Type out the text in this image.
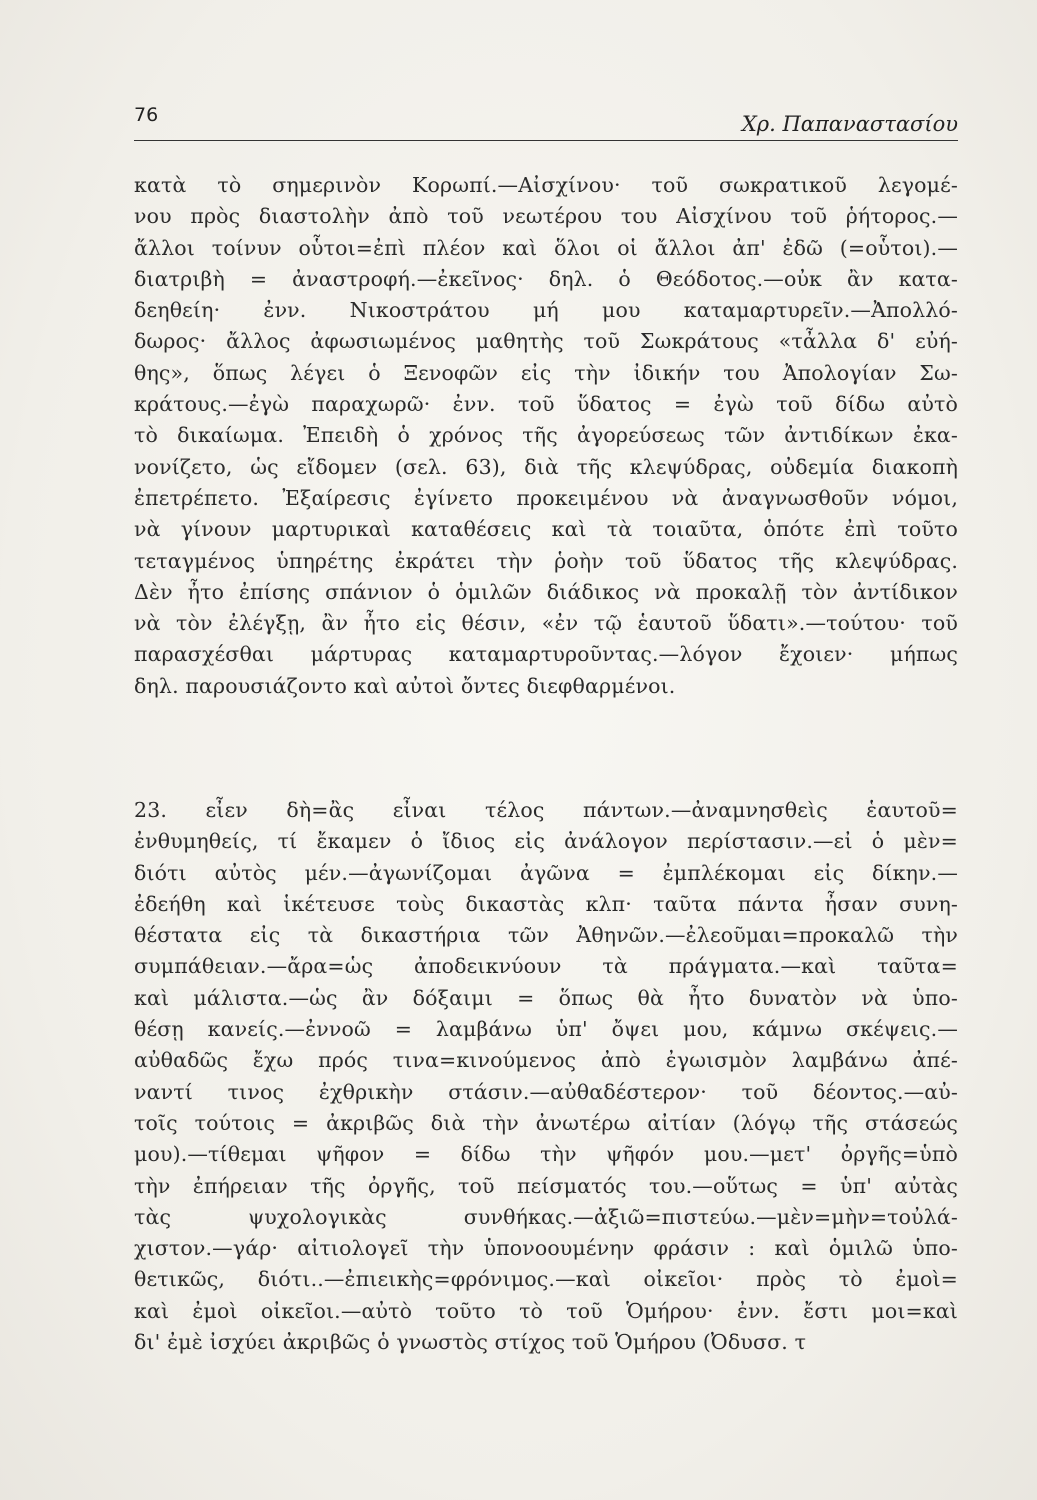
76	Χρ. Παπαναστασίου
κατὰ τὸ σημερινὸν Κορωπί.—Αἰσχίνου· τοῦ σωκρατικοῦ λεγομέ-
νου πρὸς διαστολὴν ἀπὸ τοῦ νεωτέρου του Αἰσχίνου τοῦ ῥήτορος.—
ἄλλοι τοίνυν οὗτοι=ἐπὶ πλέον καὶ ὅλοι οἱ ἄλλοι ἀπ' ἐδῶ (=οὗτοι).—
διατριβὴ = ἀναστροφή.—ἐκεῖνος· δηλ. ὁ Θεόδοτος.—οὐκ ἂν κατα-
δεηθείη· ἐνν. Νικοστράτου μή μου καταμαρτυρεῖν.—Ἀπολλό-
δωρος· ἄλλος ἀφωσιωμένος μαθητὴς τοῦ Σωκράτους «τἆλλα δ' εὐή-
θης», ὅπως λέγει ὁ Ξενοφῶν εἰς τὴν ἰδικήν του Ἀπολογίαν Σω-
κράτους.—ἐγὼ παραχωρῶ· ἐνν. τοῦ ὕδατος = ἐγὼ τοῦ δίδω αὐτὸ
τὸ δικαίωμα. Ἐπειδὴ ὁ χρόνος τῆς ἀγορεύσεως τῶν ἀντιδίκων ἐκα-
νονίζετο, ὡς εἴδομεν (σελ. 63), διὰ τῆς κλεψύδρας, οὐδεμία διακοπὴ
ἐπετρέπετο. Ἐξαίρεσις ἐγίνετο προκειμένου νὰ ἀναγνωσθοῦν νόμοι,
νὰ γίνουν μαρτυρικαὶ καταθέσεις καὶ τὰ τοιαῦτα, ὁπότε ἐπὶ τοῦτο
τεταγμένος ὑπηρέτης ἐκράτει τὴν ῥοὴν τοῦ ὕδατος τῆς κλεψύδρας.
Δὲν ἦτο ἐπίσης σπάνιον ὁ ὁμιλῶν διάδικος νὰ προκαλῇ τὸν ἀντίδικον
νὰ τὸν ἐλέγξῃ, ἂν ἦτο εἰς θέσιν, «ἐν τῷ ἑαυτοῦ ὕδατι».—τούτου· τοῦ
παρασχέσθαι μάρτυρας καταμαρτυροῦντας.—λόγον ἔχοιεν· μήπως
δηλ. παρουσιάζοντο καὶ αὐτοὶ ὄντες διεφθαρμένοι.
23. εἶεν δὴ=ἂς εἶναι τέλος πάντων.—ἀναμνησθεὶς ἑαυτοῦ=
ἐνθυμηθείς, τί ἔκαμεν ὁ ἴδιος εἰς ἀνάλογον περίστασιν.—εἰ ὁ μὲν=
διότι αὐτὸς μέν.—ἀγωνίζομαι ἀγῶνα = ἐμπλέκομαι εἰς δίκην.—
ἐδεήθη καὶ ἱκέτευσε τοὺς δικαστὰς κλπ· ταῦτα πάντα ἦσαν συνη-
θέστατα εἰς τὰ δικαστήρια τῶν Ἀθηνῶν.—ἐλεοῦμαι=προκαλῶ τὴν
συμπάθειαν.—ἄρα=ὡς ἀποδεικνύουν τὰ πράγματα.—καὶ ταῦτα=
καὶ μάλιστα.—ὡς ἂν δόξαιμι = ὅπως θὰ ἦτο δυνατὸν νὰ ὑπο-
θέσῃ κανείς.—ἐννοῶ = λαμβάνω ὑπ' ὄψει μου, κάμνω σκέψεις.—
αὐθαδῶς ἔχω πρός τινα=κινούμενος ἀπὸ ἐγωισμὸν λαμβάνω ἀπέ-
ναντί τινος ἐχθρικὴν στάσιν.—αὐθαδέστερον· τοῦ δέοντος.—αὐ-
τοῖς τούτοις = ἀκριβῶς διὰ τὴν ἀνωτέρω αἰτίαν (λόγῳ τῆς στάσεώς
μου).—τίθεμαι ψῆφον = δίδω τὴν ψῆφόν μου.—μετ' ὀργῆς=ὑπὸ
τὴν ἐπήρειαν τῆς ὀργῆς, τοῦ πείσματός του.—οὕτως = ὑπ' αὐτὰς
τὰς ψυχολογικὰς συνθήκας.—ἀξιῶ=πιστεύω.—μὲν=μὴν=τοὐλά-
χιστον.—γάρ· αἰτιολογεῖ τὴν ὑπονοουμένην φράσιν : καὶ ὁμιλῶ ὑπο-
θετικῶς, διότι..—ἐπιεικὴς=φρόνιμος.—καὶ οἰκεῖοι· πρὸς τὸ ἐμοὶ=
καὶ ἐμοὶ οἰκεῖοι.—αὐτὸ τοῦτο τὸ τοῦ Ὁμήρου· ἐνν. ἔστι μοι=καὶ
δι' ἐμὲ ἰσχύει ἀκριβῶς ὁ γνωστὸς στίχος τοῦ Ὁμήρου (Ὀδυσσ. τ
